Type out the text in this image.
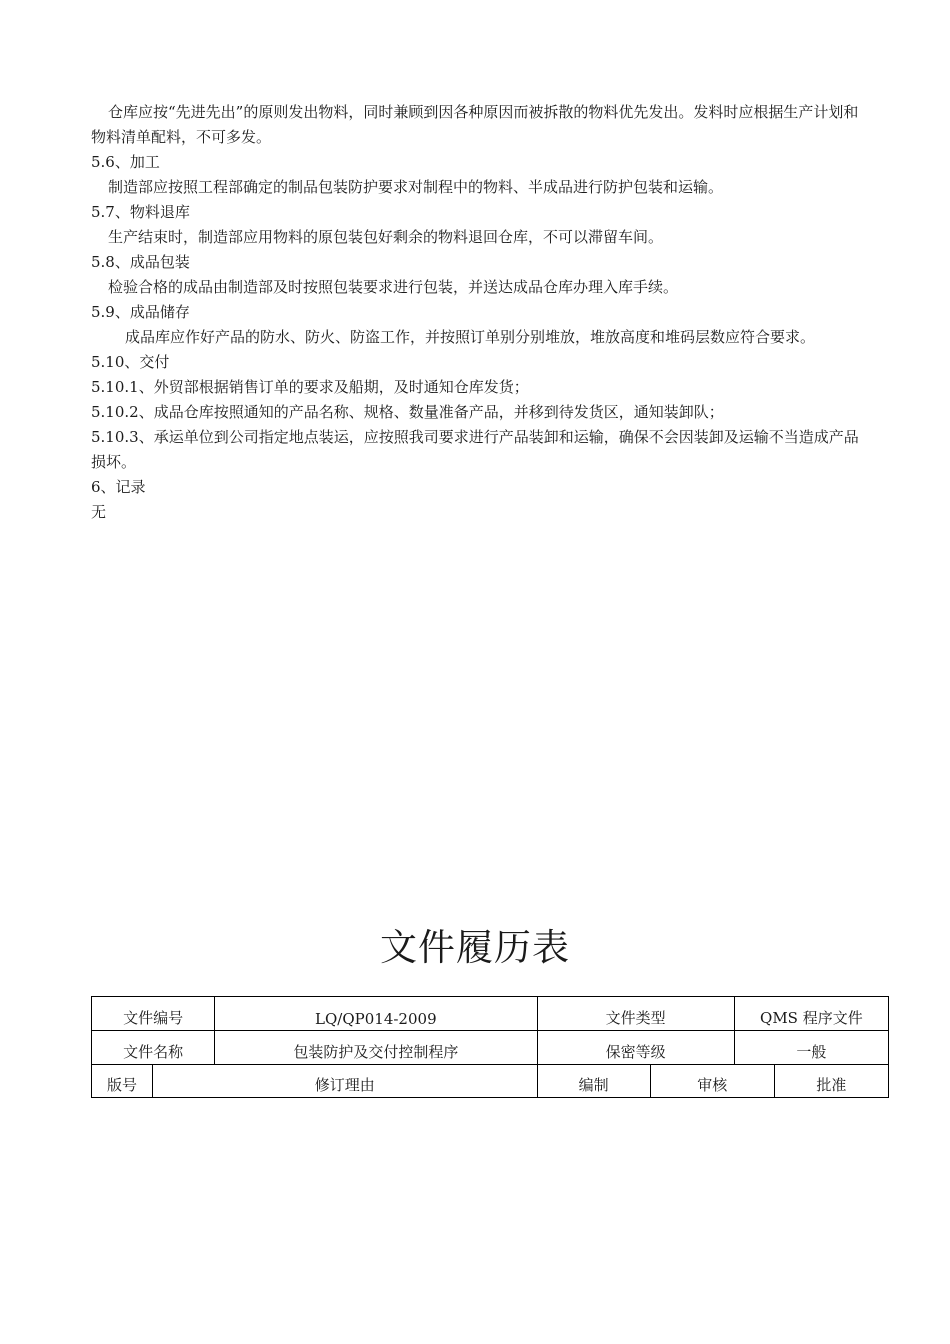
仓库应按“先进先出”的原则发出物料，同时兼顾到因各种原因而被拆散的物料优先发出。发料时应根据生产计划和物料清单配料，不可多发。

5.6、加工

制造部应按照工程部确定的制品包装防护要求对制程中的物料、半成品进行防护包装和运输。

5.7、物料退库

生产结束时，制造部应用物料的原包装包好剩余的物料退回仓库，不可以滞留车间。

5.8、成品包装

检验合格的成品由制造部及时按照包装要求进行包装，并送达成品仓库办理入库手续。

5.9、成品储存

成品库应作好产品的防水、防火、防盗工作，并按照订单别分别堆放，堆放高度和堆码层数应符合要求。

5.10、交付

5.10.1、外贸部根据销售订单的要求及船期，及时通知仓库发货；

5.10.2、成品仓库按照通知的产品名称、规格、数量准备产品，并移到待发货区，通知装卸队；

5.10.3、承运单位到公司指定地点装运，应按照我司要求进行产品装卸和运输，确保不会因装卸及运输不当造成产品损坏。

6、记录

无

文件履历表
文件编号		LQ/QP014-2009	文件类型		QMS 程序文件	
文件名称		包装防护及交付控制程序	保密等级		一般	
版号	修订理由		编制	审核		批准
